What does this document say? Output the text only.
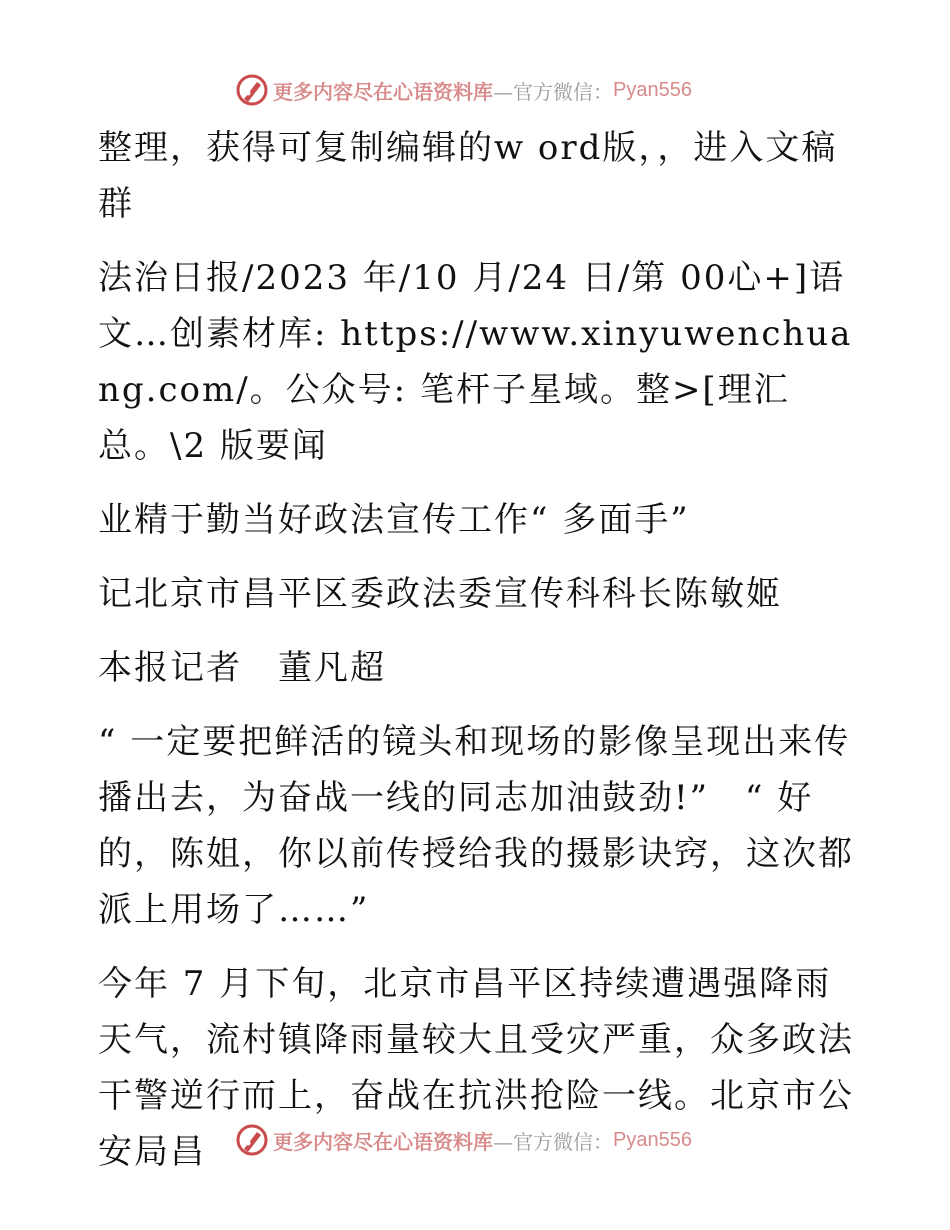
更多内容尽在心语资料库 —官方微信： Pyan556

整理，获得可复制编辑的w ord版，，进入文稿群

法治日报/2023 年/10 月/24 日/第 00心+]语文…创素材库: https://www.xinyuwenchuang.com/。公众号: 笔杆子星域。整>[理汇总。\2 版要闻

业精于勤当好政法宣传工作“ 多面手”

记北京市昌平区委政法委宣传科科长陈敏姬

本报记者　董凡超

“ 一定要把鲜活的镜头和现场的影像呈现出来传播出去，为奋战一线的同志加油鼓劲!”　“ 好的，陈姐，你以前传授给我的摄影诀窍，这次都派上用场了……”

今年 7 月下旬，北京市昌平区持续遭遇强降雨天气，流村镇降雨量较大且受灾严重，众多政法干警逆行而上，奋战在抗洪抢险一线。北京市公安局昌	更多内容尽在心语资料库 —官方微信： Pyan556
